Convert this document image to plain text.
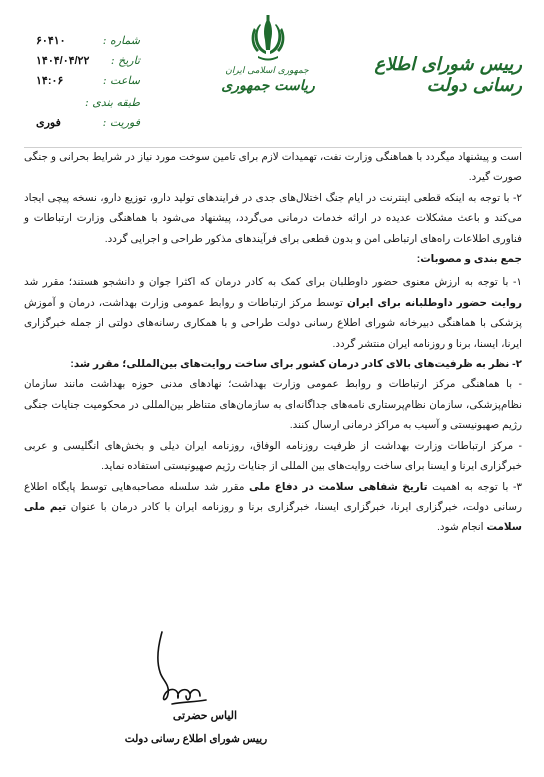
رییس شورای اطلاع رسانی دولت
جمهوری اسلامی ایران
ریاست جمهوری
شماره :
۶۰۴۱۰
تاریخ :
۱۴۰۴/۰۴/۲۲
ساعت :
۱۴:۰۶
طبقه بندی :
فوریت :
فوری

است و پیشنهاد میگردد با هماهنگی وزارت نفت، تهمیدات لازم برای تامین سوخت مورد نیاز در شرایط بحرانی و جنگی صورت گیرد.

۲- با توجه به اینکه قطعی اینترنت در ایام جنگ اختلال‌های جدی در فرایندهای تولید دارو، توزیع دارو، نسخه پیچی ایجاد می‌کند و باعث مشکلات عدیده در ارائه خدمات درمانی می‌گردد، پیشنهاد می‌شود با هماهنگی وزارت ارتباطات و فناوری اطلاعات راه‌های ارتباطی امن و بدون قطعی برای فرآیندهای مذکور طراحی و اجرایی گردد.

جمع بندی و مصوبات:

۱- با توجه به ارزش معنوی حضور داوطلبان برای کمک به کادر درمان که اکثرا جوان و دانشجو هستند؛ مقرر شد روایت حضور داوطلبانه برای ایران توسط مرکز ارتباطات و روابط عمومی وزارت بهداشت، درمان و آموزش پزشکی با هماهنگی دبیرخانه شورای اطلاع رسانی دولت طراحی و با همکاری رسانه‌های دولتی از جمله خبرگزاری ایرنا، ایسنا، برنا و روزنامه ایران منتشر گردد.

۲- نظر به ظرفیت‌های بالای کادر درمان کشور برای ساخت روایت‌های بین‌المللی؛ مقرر شد:

- با هماهنگی مرکز ارتباطات و روابط عمومی وزارت بهداشت؛ نهادهای مدنی حوزه بهداشت مانند سازمان نظام‌پزشکی، سازمان نظام‌پرستاری نامه‌های جداگانه‌ای به سازمان‌های متناظر بین‌المللی در محکومیت جنایات جنگی رژیم صهیونیستی و آسیب به مراکز درمانی ارسال کنند.

- مرکز ارتباطات وزارت بهداشت از ظرفیت روزنامه الوفاق، روزنامه ایران دیلی و بخش‌های انگلیسی و عربی خبرگزاری ایرنا و ایسنا برای ساخت روایت‌های بین المللی از جنایات رژیم صهیونیستی استفاده نماید.

۳- با توجه به اهمیت تاریخ شفاهی سلامت در دفاع ملی مقرر شد سلسله مصاحبه‌هایی توسط پایگاه اطلاع رسانی دولت، خبرگزاری ایرنا، خبرگزاری ایسنا، خبرگزاری برنا و روزنامه ایران با کادر درمان با عنوان تیم ملی سلامت انجام شود.

الیاس حضرتی
رییس شورای اطلاع رسانی دولت
